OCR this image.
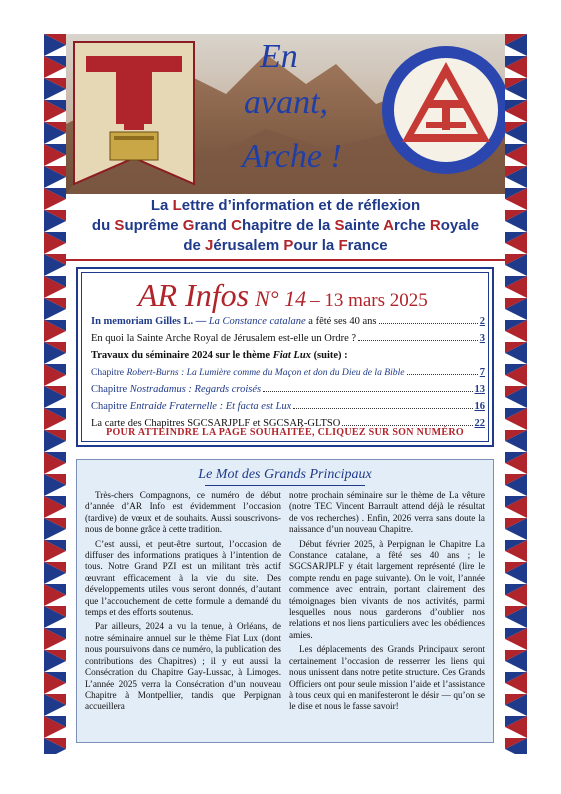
En
avant,
Arche !
La Lettre d’information et de réflexion
du Suprême Grand Chapitre de la Sainte Arche Royale
de Jérusalem Pour la France
AR Infos N° 14 – 13 mars 2025
In memoriam Gilles L. — La Constance catalane a fêté ses 40 ans	2
En quoi la Sainte Arche Royal de Jérusalem est-elle un Ordre ?	3
Travaux du séminaire 2024 sur le thème Fiat Lux (suite) :
Chapitre Robert-Burns : La Lumière comme du Maçon et don du Dieu de la Bible	7
Chapitre Nostradamus : Regards croisés	13
Chapitre Entraide Fraternelle : Et facta est Lux	16
La carte des Chapitres SGCSARJPLF et SGCSAR-GLTSO	22
POUR ATTEINDRE LA PAGE SOUHAITÉE, CLIQUEZ SUR SON NUMÉRO
Le Mot des Grands Principaux

Très-chers Compagnons, ce numéro de début d’année d’AR Info est évidemment l’occasion (tardive) de vœux et de souhaits. Aussi souscrivons-nous de bonne grâce à cette tradition.

C’est aussi, et peut-être surtout, l’occasion de diffuser des informations pratiques à l’intention de tous. Notre Grand PZI est un militant très actif œuvrant efficacement à la vie du site. Des développements utiles vous seront donnés, d’autant que l’accouchement de cette formule a demandé du temps et des efforts soutenus.

Par ailleurs, 2024 a vu la tenue, à Orléans, de notre séminaire annuel sur le thème Fiat Lux (dont nous poursuivons dans ce numéro, la publication des contributions des Chapitres) ; il y eut aussi la Consécration du Chapitre Gay-Lussac, à Limoges. L’année 2025 verra la Consécration d’un nouveau Chapitre à Montpellier, tandis que Perpignan accueillera

notre prochain séminaire sur le thème de La vêture (notre TEC Vincent Barrault attend déjà le résultat de vos recherches) . Enfin, 2026 verra sans doute la naissance d’un nouveau Chapitre.

Début février 2025, à Perpignan le Chapitre La Constance catalane, a fêté ses 40 ans ; le SGCSARJPLF y était largement représenté (lire le compte rendu en page suivante). On le voit, l’année commence avec entrain, portant clairement des témoignages bien vivants de nos activités, parmi lesquelles nous nous garderons d’oublier nos relations et nos liens particuliers avec les obédiences amies.

Les déplacements des Grands Principaux seront certainement l’occasion de resserrer les liens qui nous unissent dans notre petite structure. Ces Grands Officiers ont pour seule mission l’aide et l’assistance à tous ceux qui en manifesteront le désir — qu’on se le dise et nous le fasse savoir!
